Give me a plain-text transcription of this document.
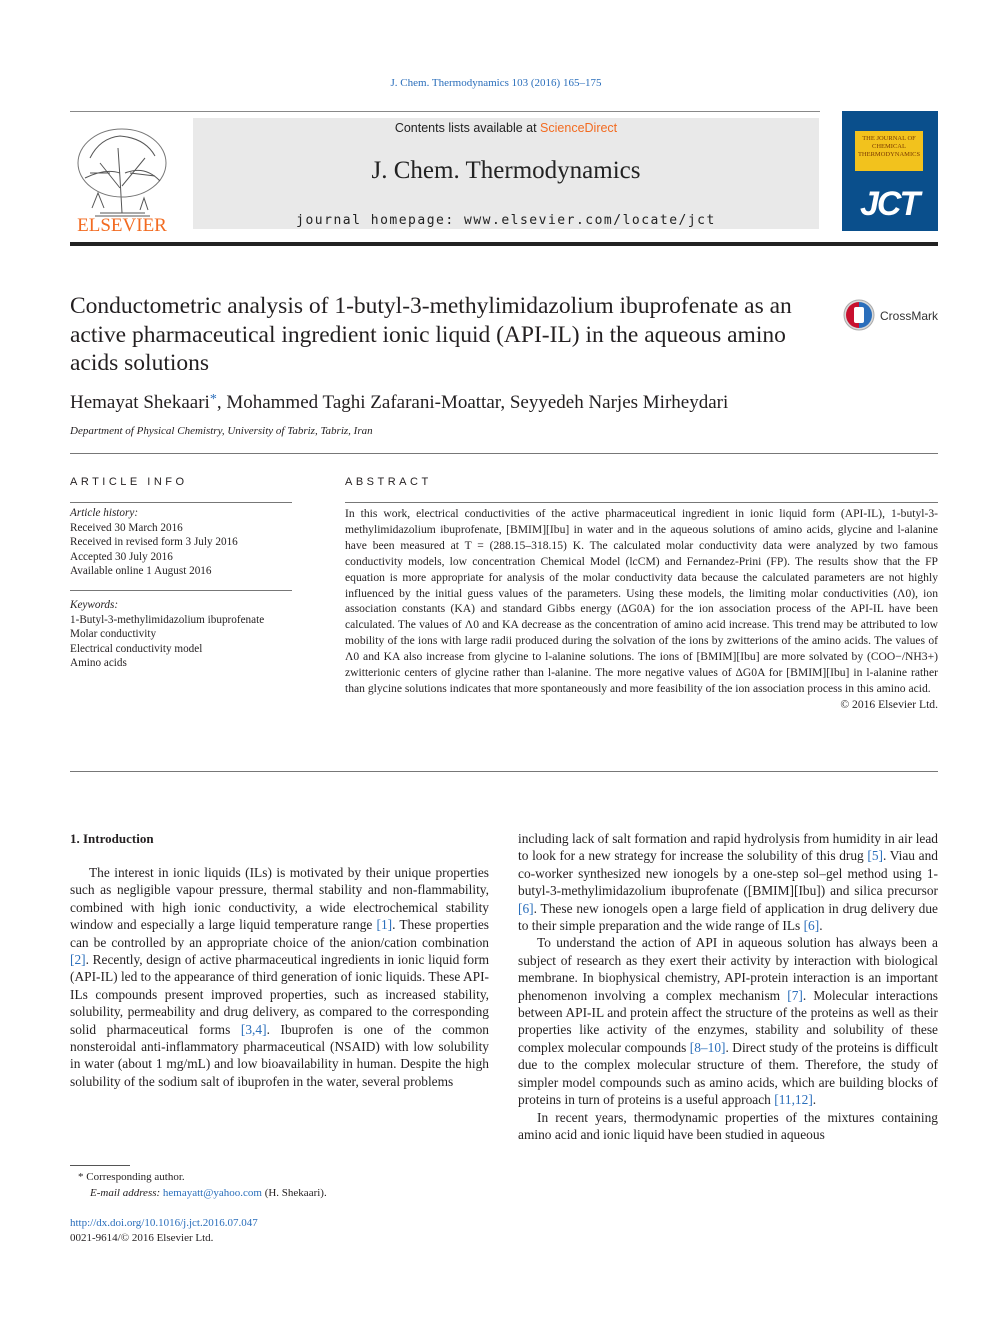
J. Chem. Thermodynamics 103 (2016) 165–175
ELSEVIER
Contents lists available at ScienceDirect
J. Chem. Thermodynamics
journal homepage: www.elsevier.com/locate/jct
THE JOURNAL OF CHEMICAL THERMODYNAMICS
JCT
Conductometric analysis of 1-butyl-3-methylimidazolium ibuprofenate as an active pharmaceutical ingredient ionic liquid (API-IL) in the aqueous amino acids solutions
CrossMark
Hemayat Shekaari*, Mohammed Taghi Zafarani-Moattar, Seyyedeh Narjes Mirheydari
Department of Physical Chemistry, University of Tabriz, Tabriz, Iran
ARTICLE INFO	ABSTRACT
Article history:
Received 30 March 2016
Received in revised form 3 July 2016
Accepted 30 July 2016
Available online 1 August 2016
Keywords:
1-Butyl-3-methylimidazolium ibuprofenate
Molar conductivity
Electrical conductivity model
Amino acids
In this work, electrical conductivities of the active pharmaceutical ingredient in ionic liquid form (API-IL), 1-butyl-3-methylimidazolium ibuprofenate, [BMIM][Ibu] in water and in the aqueous solutions of amino acids, glycine and l-alanine have been measured at T = (288.15–318.15) K. The calculated molar conductivity data were analyzed by two famous conductivity models, low concentration Chemical Model (lcCM) and Fernandez-Prini (FP). The results show that the FP equation is more appropriate for analysis of the molar conductivity data because the calculated parameters are not highly influenced by the initial guess values of the parameters. Using these models, the limiting molar conductivities (Λ0), ion association constants (KA) and standard Gibbs energy (ΔG0A) for the ion association process of the API-IL have been calculated. The values of Λ0 and KA decrease as the concentration of amino acid increase. This trend may be attributed to low mobility of the ions with large radii produced during the solvation of the ions by zwitterions of the amino acids. The values of Λ0 and KA also increase from glycine to l-alanine solutions. The ions of [BMIM][Ibu] are more solvated by (COO−/NH3+) zwitterionic centers of glycine rather than l-alanine. The more negative values of ΔG0A for [BMIM][Ibu] in l-alanine rather than glycine solutions indicates that more spontaneously and more feasibility of the ion association process in this amino acid.
© 2016 Elsevier Ltd.
1. Introduction

The interest in ionic liquids (ILs) is motivated by their unique properties such as negligible vapour pressure, thermal stability and non-flammability, combined with high ionic conductivity, a wide electrochemical stability window and especially a large liquid temperature range [1]. These properties can be controlled by an appropriate choice of the anion/cation combination [2]. Recently, design of active pharmaceutical ingredients in ionic liquid form (API-IL) led to the appearance of third generation of ionic liquids. These API-ILs compounds present improved properties, such as increased stability, solubility, permeability and drug delivery, as compared to the corresponding solid pharmaceutical forms [3,4]. Ibuprofen is one of the common nonsteroidal anti-inflammatory pharmaceutical (NSAID) with low solubility in water (about 1 mg/mL) and low bioavailability in human. Despite the high solubility of the sodium salt of ibuprofen in the water, several problems

including lack of salt formation and rapid hydrolysis from humidity in air lead to look for a new strategy for increase the solubility of this drug [5]. Viau and co-worker synthesized new ionogels by a one-step sol–gel method using 1-butyl-3-methylimidazolium ibuprofenate ([BMIM][Ibu]) and silica precursor [6]. These new ionogels open a large field of application in drug delivery due to their simple preparation and the wide range of ILs [6].

To understand the action of API in aqueous solution has always been a subject of research as they exert their activity by interaction with biological membrane. In biophysical chemistry, API-protein interaction is an important phenomenon involving a complex mechanism [7]. Molecular interactions between API-IL and protein affect the structure of the proteins as well as their properties like activity of the enzymes, stability and solubility of these complex molecular compounds [8–10]. Direct study of the proteins is difficult due to the complex molecular structure of them. Therefore, the study of simpler model compounds such as amino acids, which are building blocks of proteins in turn of proteins is a useful approach [11,12].

In recent years, thermodynamic properties of the mixtures containing amino acid and ionic liquid have been studied in aqueous

* Corresponding author.
E-mail address: hemayatt@yahoo.com (H. Shekaari).
http://dx.doi.org/10.1016/j.jct.2016.07.047
0021-9614/© 2016 Elsevier Ltd.
